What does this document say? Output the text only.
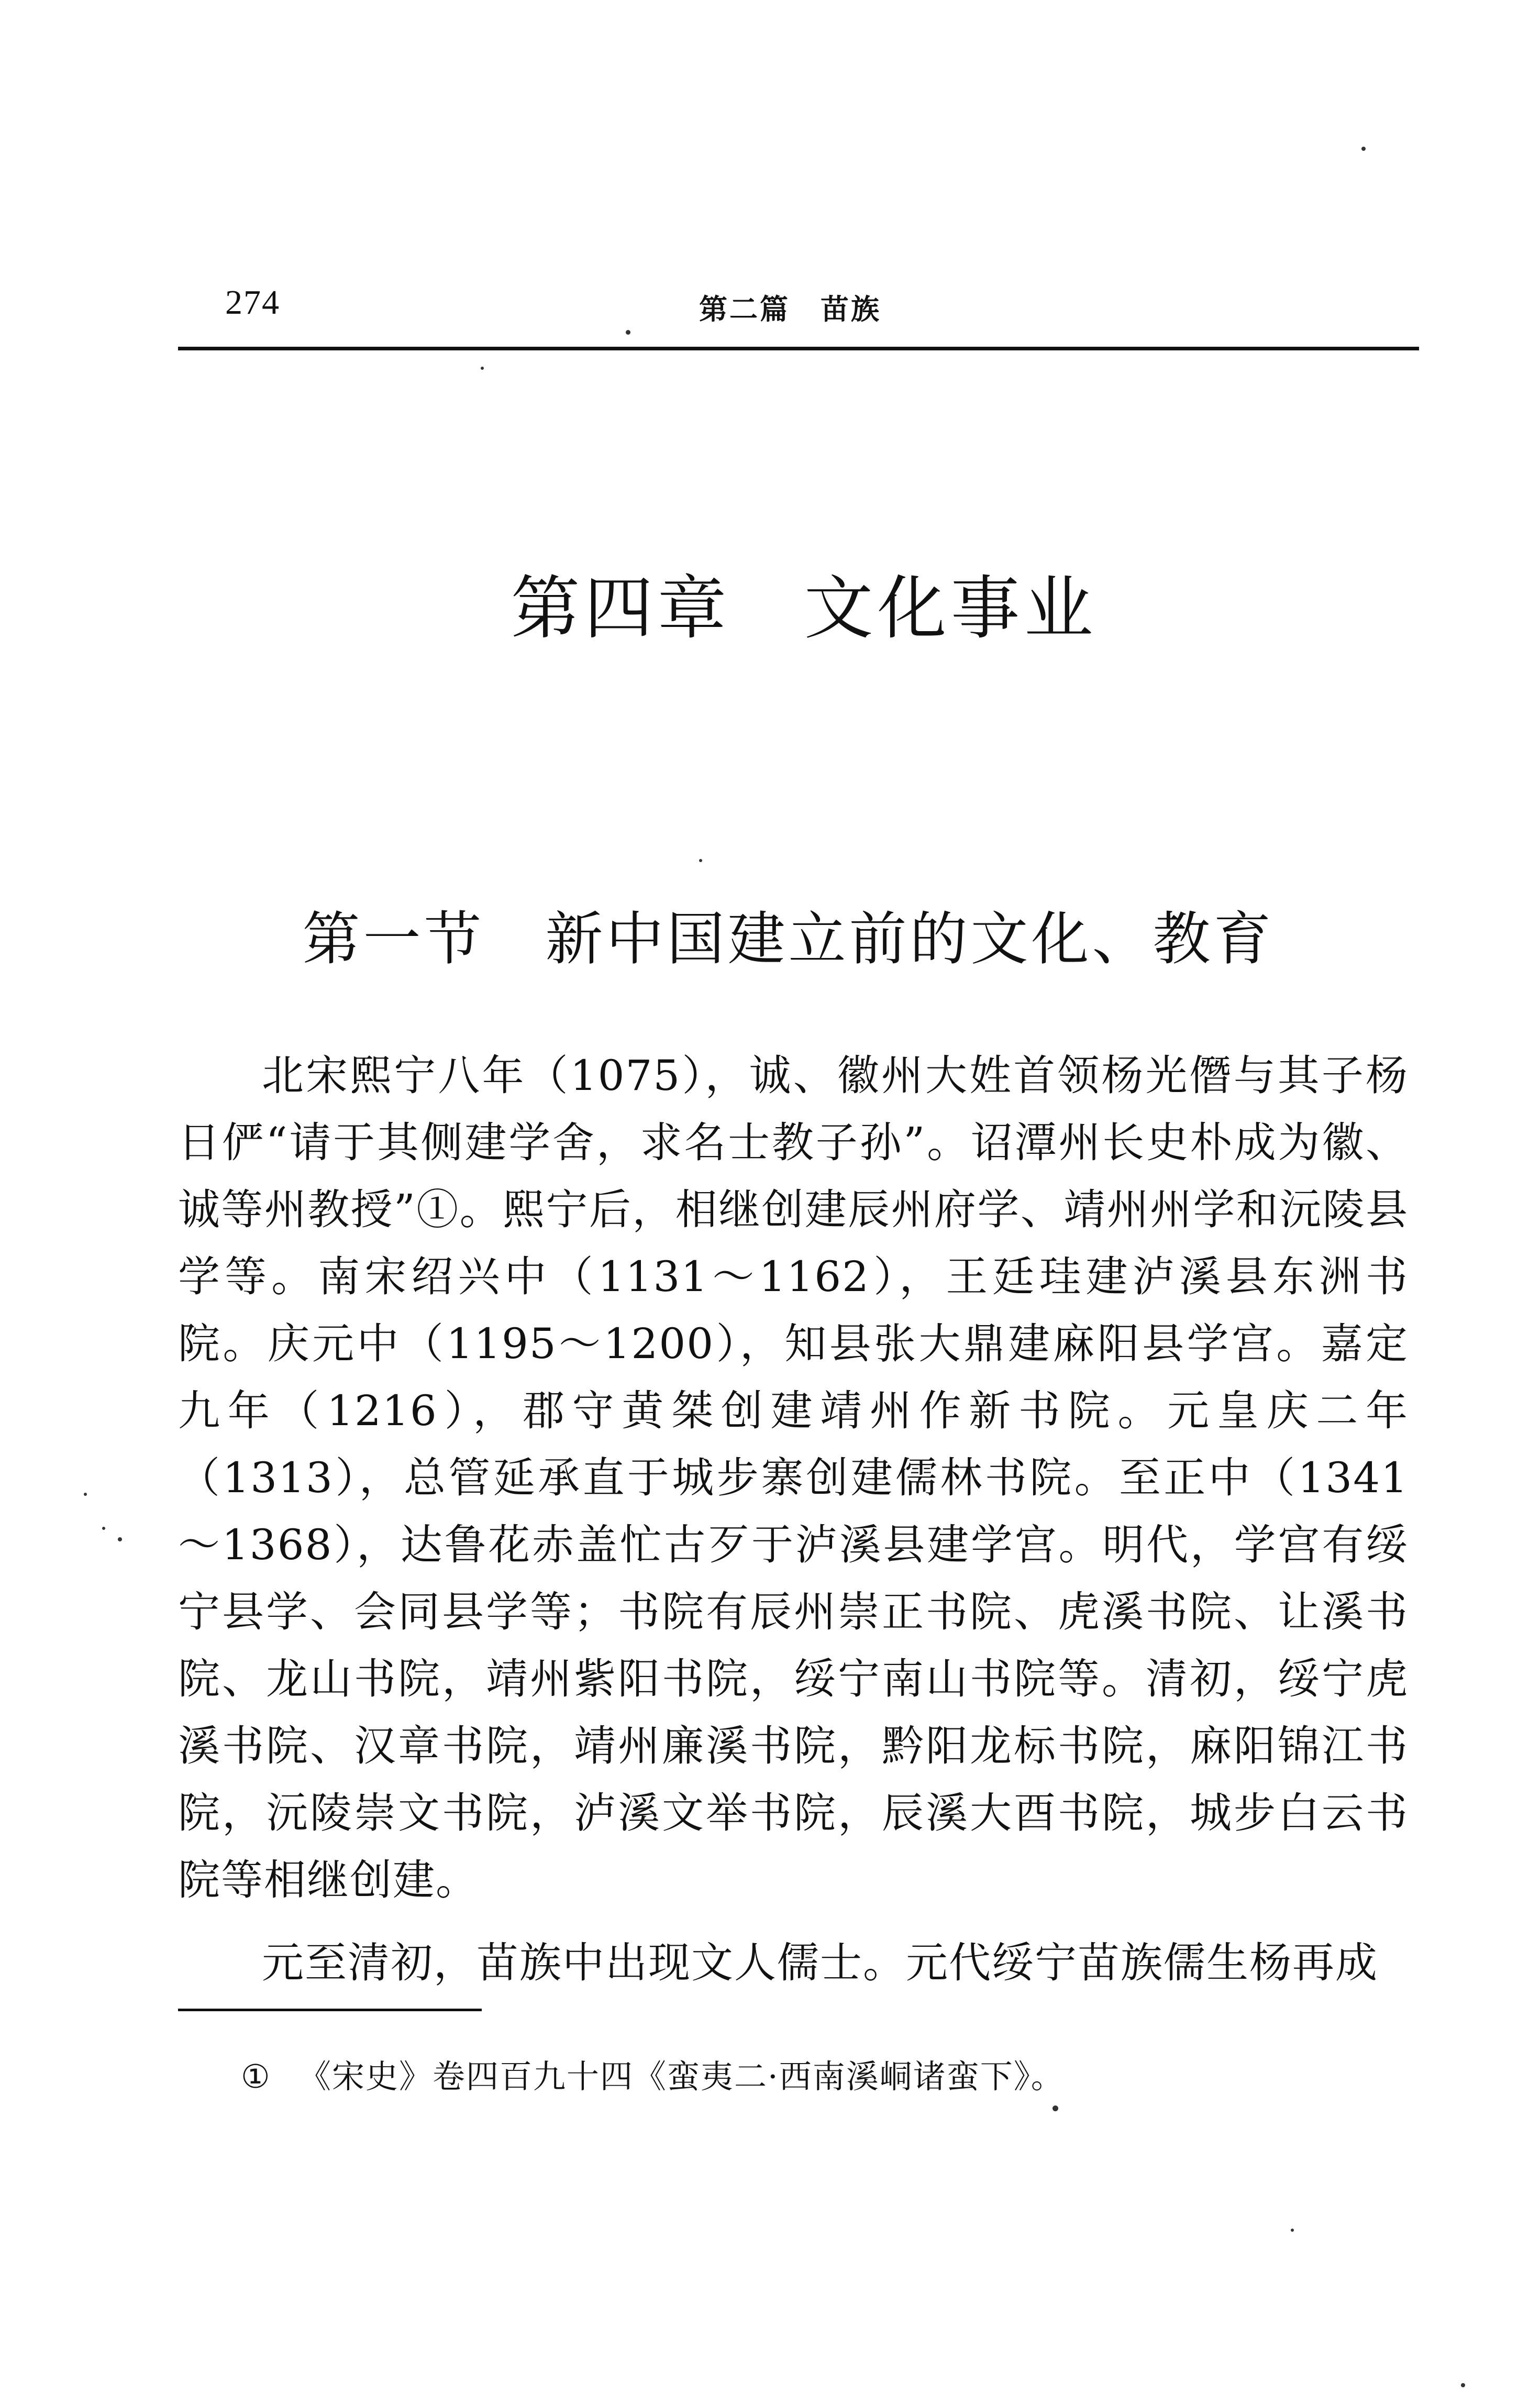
274	第二篇　苗族
第四章　文化事业
第一节　新中国建立前的文化、教育

北宋熙宁八年（1075），诚、徽州大姓首领杨光僭与其子杨日俨“请于其侧建学舍，求名士教子孙”。诏潭州长史朴成为徽、诚等州教授”①。熙宁后，相继创建辰州府学、靖州州学和沅陵县学等。南宋绍兴中（1131～1162），王廷珪建泸溪县东洲书院。庆元中（1195～1200），知县张大鼎建麻阳县学宫。嘉定九年（1216），郡守黄桀创建靖州作新书院。元皇庆二年（1313），总管延承直于城步寨创建儒林书院。至正中（1341～1368），达鲁花赤盖忙古歹于泸溪县建学宫。明代，学宫有绥宁县学、会同县学等；书院有辰州崇正书院、虎溪书院、让溪书院、龙山书院，靖州紫阳书院，绥宁南山书院等。清初，绥宁虎溪书院、汉章书院，靖州廉溪书院，黔阳龙标书院，麻阳锦江书院，沅陵崇文书院，泸溪文举书院，辰溪大酉书院，城步白云书院等相继创建。

元至清初，苗族中出现文人儒士。元代绥宁苗族儒生杨再成

① 《宋史》卷四百九十四《蛮夷二·西南溪峒诸蛮下》。
